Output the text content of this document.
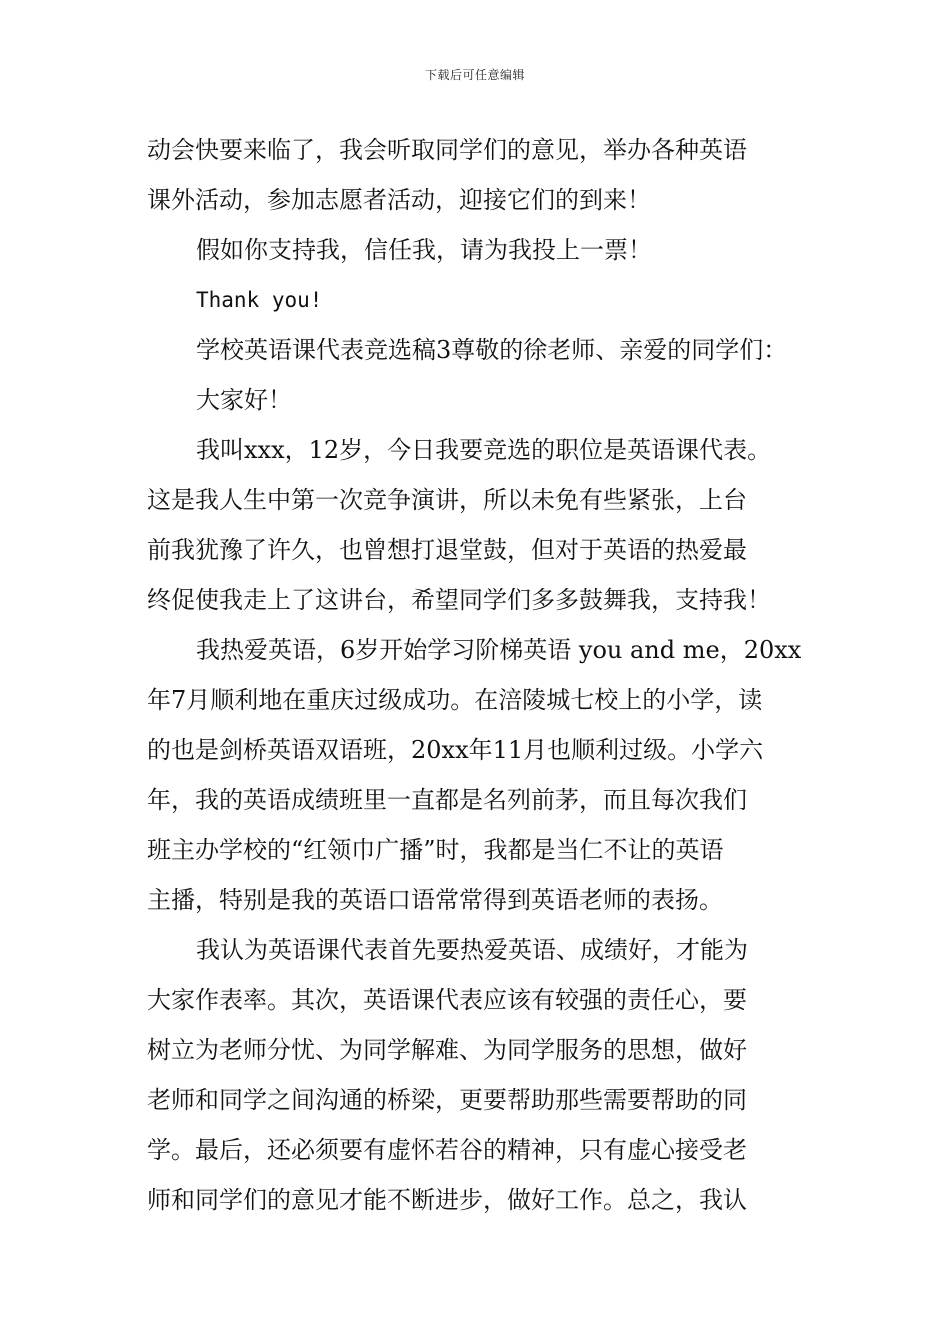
下载后可任意编辑
动会快要来临了，我会听取同学们的意见，举办各种英语
课外活动，参加志愿者活动，迎接它们的到来！
假如你支持我，信任我，请为我投上一票！
Thank you!
学校英语课代表竞选稿3尊敬的徐老师、亲爱的同学们：
大家好！
我叫xxx，12岁，今日我要竞选的职位是英语课代表。
这是我人生中第一次竞争演讲，所以未免有些紧张，上台
前我犹豫了许久，也曾想打退堂鼓，但对于英语的热爱最
终促使我走上了这讲台，希望同学们多多鼓舞我，支持我！
我热爱英语，6岁开始学习阶梯英语 you and me，20xx
年7月顺利地在重庆过级成功。在涪陵城七校上的小学，读
的也是剑桥英语双语班，20xx年11月也顺利过级。小学六
年，我的英语成绩班里一直都是名列前茅，而且每次我们
班主办学校的“红领巾广播”时，我都是当仁不让的英语
主播，特别是我的英语口语常常得到英语老师的表扬。
我认为英语课代表首先要热爱英语、成绩好，才能为
大家作表率。其次，英语课代表应该有较强的责任心，要
树立为老师分忧、为同学解难、为同学服务的思想，做好
老师和同学之间沟通的桥梁，更要帮助那些需要帮助的同
学。最后，还必须要有虚怀若谷的精神，只有虚心接受老
师和同学们的意见才能不断进步，做好工作。总之，我认
